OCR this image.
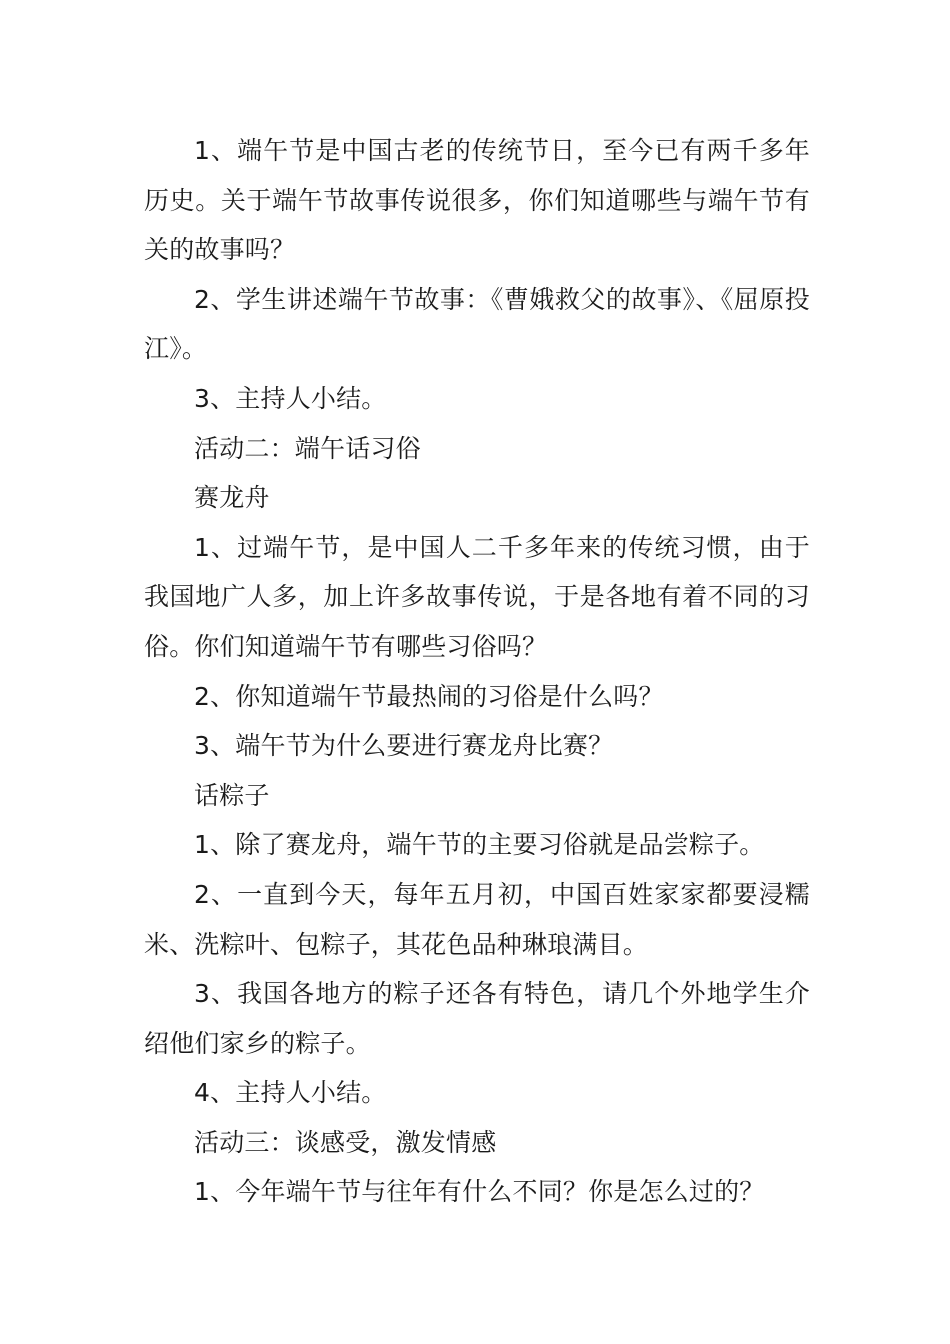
1、端午节是中国古老的传统节日，至今已有两千多年历史。关于端午节故事传说很多，你们知道哪些与端午节有关的故事吗？

2、学生讲述端午节故事：《曹娥救父的故事》、《屈原投江》。

3、主持人小结。

活动二：端午话习俗

赛龙舟

1、过端午节，是中国人二千多年来的传统习惯，由于我国地广人多，加上许多故事传说，于是各地有着不同的习俗。你们知道端午节有哪些习俗吗？

2、你知道端午节最热闹的习俗是什么吗？

3、端午节为什么要进行赛龙舟比赛？

话粽子

1、除了赛龙舟，端午节的主要习俗就是品尝粽子。

2、一直到今天，每年五月初，中国百姓家家都要浸糯米、洗粽叶、包粽子，其花色品种琳琅满目。

3、我国各地方的粽子还各有特色，请几个外地学生介绍他们家乡的粽子。

4、主持人小结。

活动三：谈感受，激发情感

1、今年端午节与往年有什么不同？你是怎么过的？
